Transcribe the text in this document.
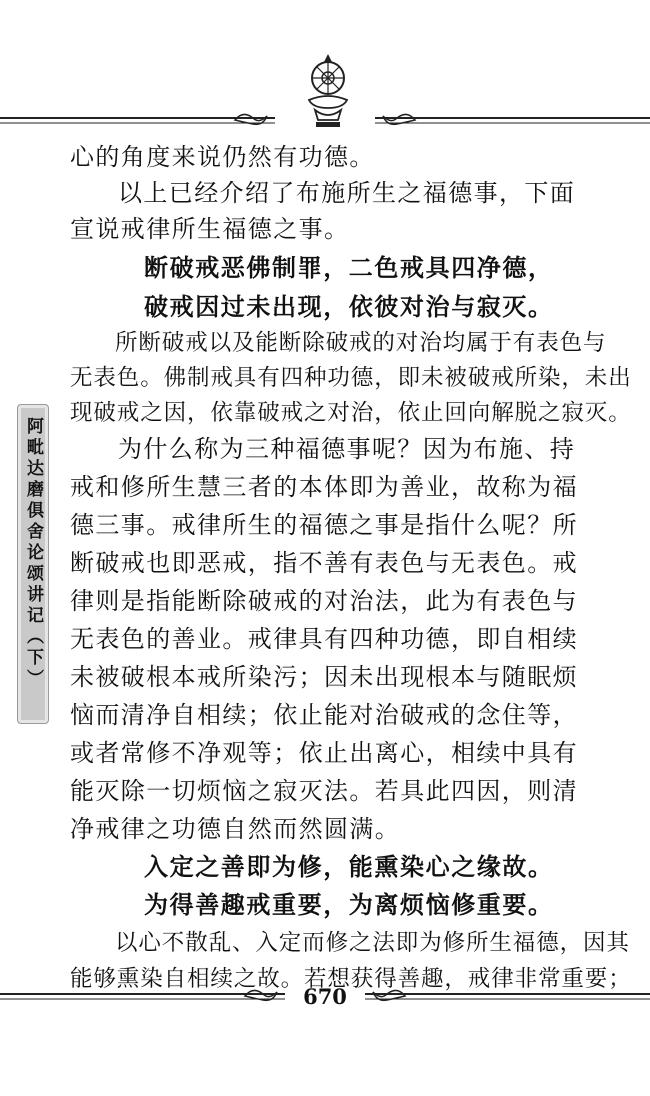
阿毗达磨俱舍论颂讲记（下）
心的角度来说仍然有功德。
以上已经介绍了布施所生之福德事，下面
宣说戒律所生福德之事。
断破戒恶佛制罪，二色戒具四净德，
破戒因过未出现，依彼对治与寂灭。
所断破戒以及能断除破戒的对治均属于有表色与
无表色。佛制戒具有四种功德，即未被破戒所染，未出
现破戒之因，依靠破戒之对治，依止回向解脱之寂灭。
为什么称为三种福德事呢？因为布施、持
戒和修所生慧三者的本体即为善业，故称为福
德三事。戒律所生的福德之事是指什么呢？所
断破戒也即恶戒，指不善有表色与无表色。戒
律则是指能断除破戒的对治法，此为有表色与
无表色的善业。戒律具有四种功德，即自相续
未被破根本戒所染污；因未出现根本与随眠烦
恼而清净自相续；依止能对治破戒的念住等，
或者常修不净观等；依止出离心，相续中具有
能灭除一切烦恼之寂灭法。若具此四因，则清
净戒律之功德自然而然圆满。
入定之善即为修，能熏染心之缘故。
为得善趣戒重要，为离烦恼修重要。
以心不散乱、入定而修之法即为修所生福德，因其
能够熏染自相续之故。若想获得善趣，戒律非常重要；
670
